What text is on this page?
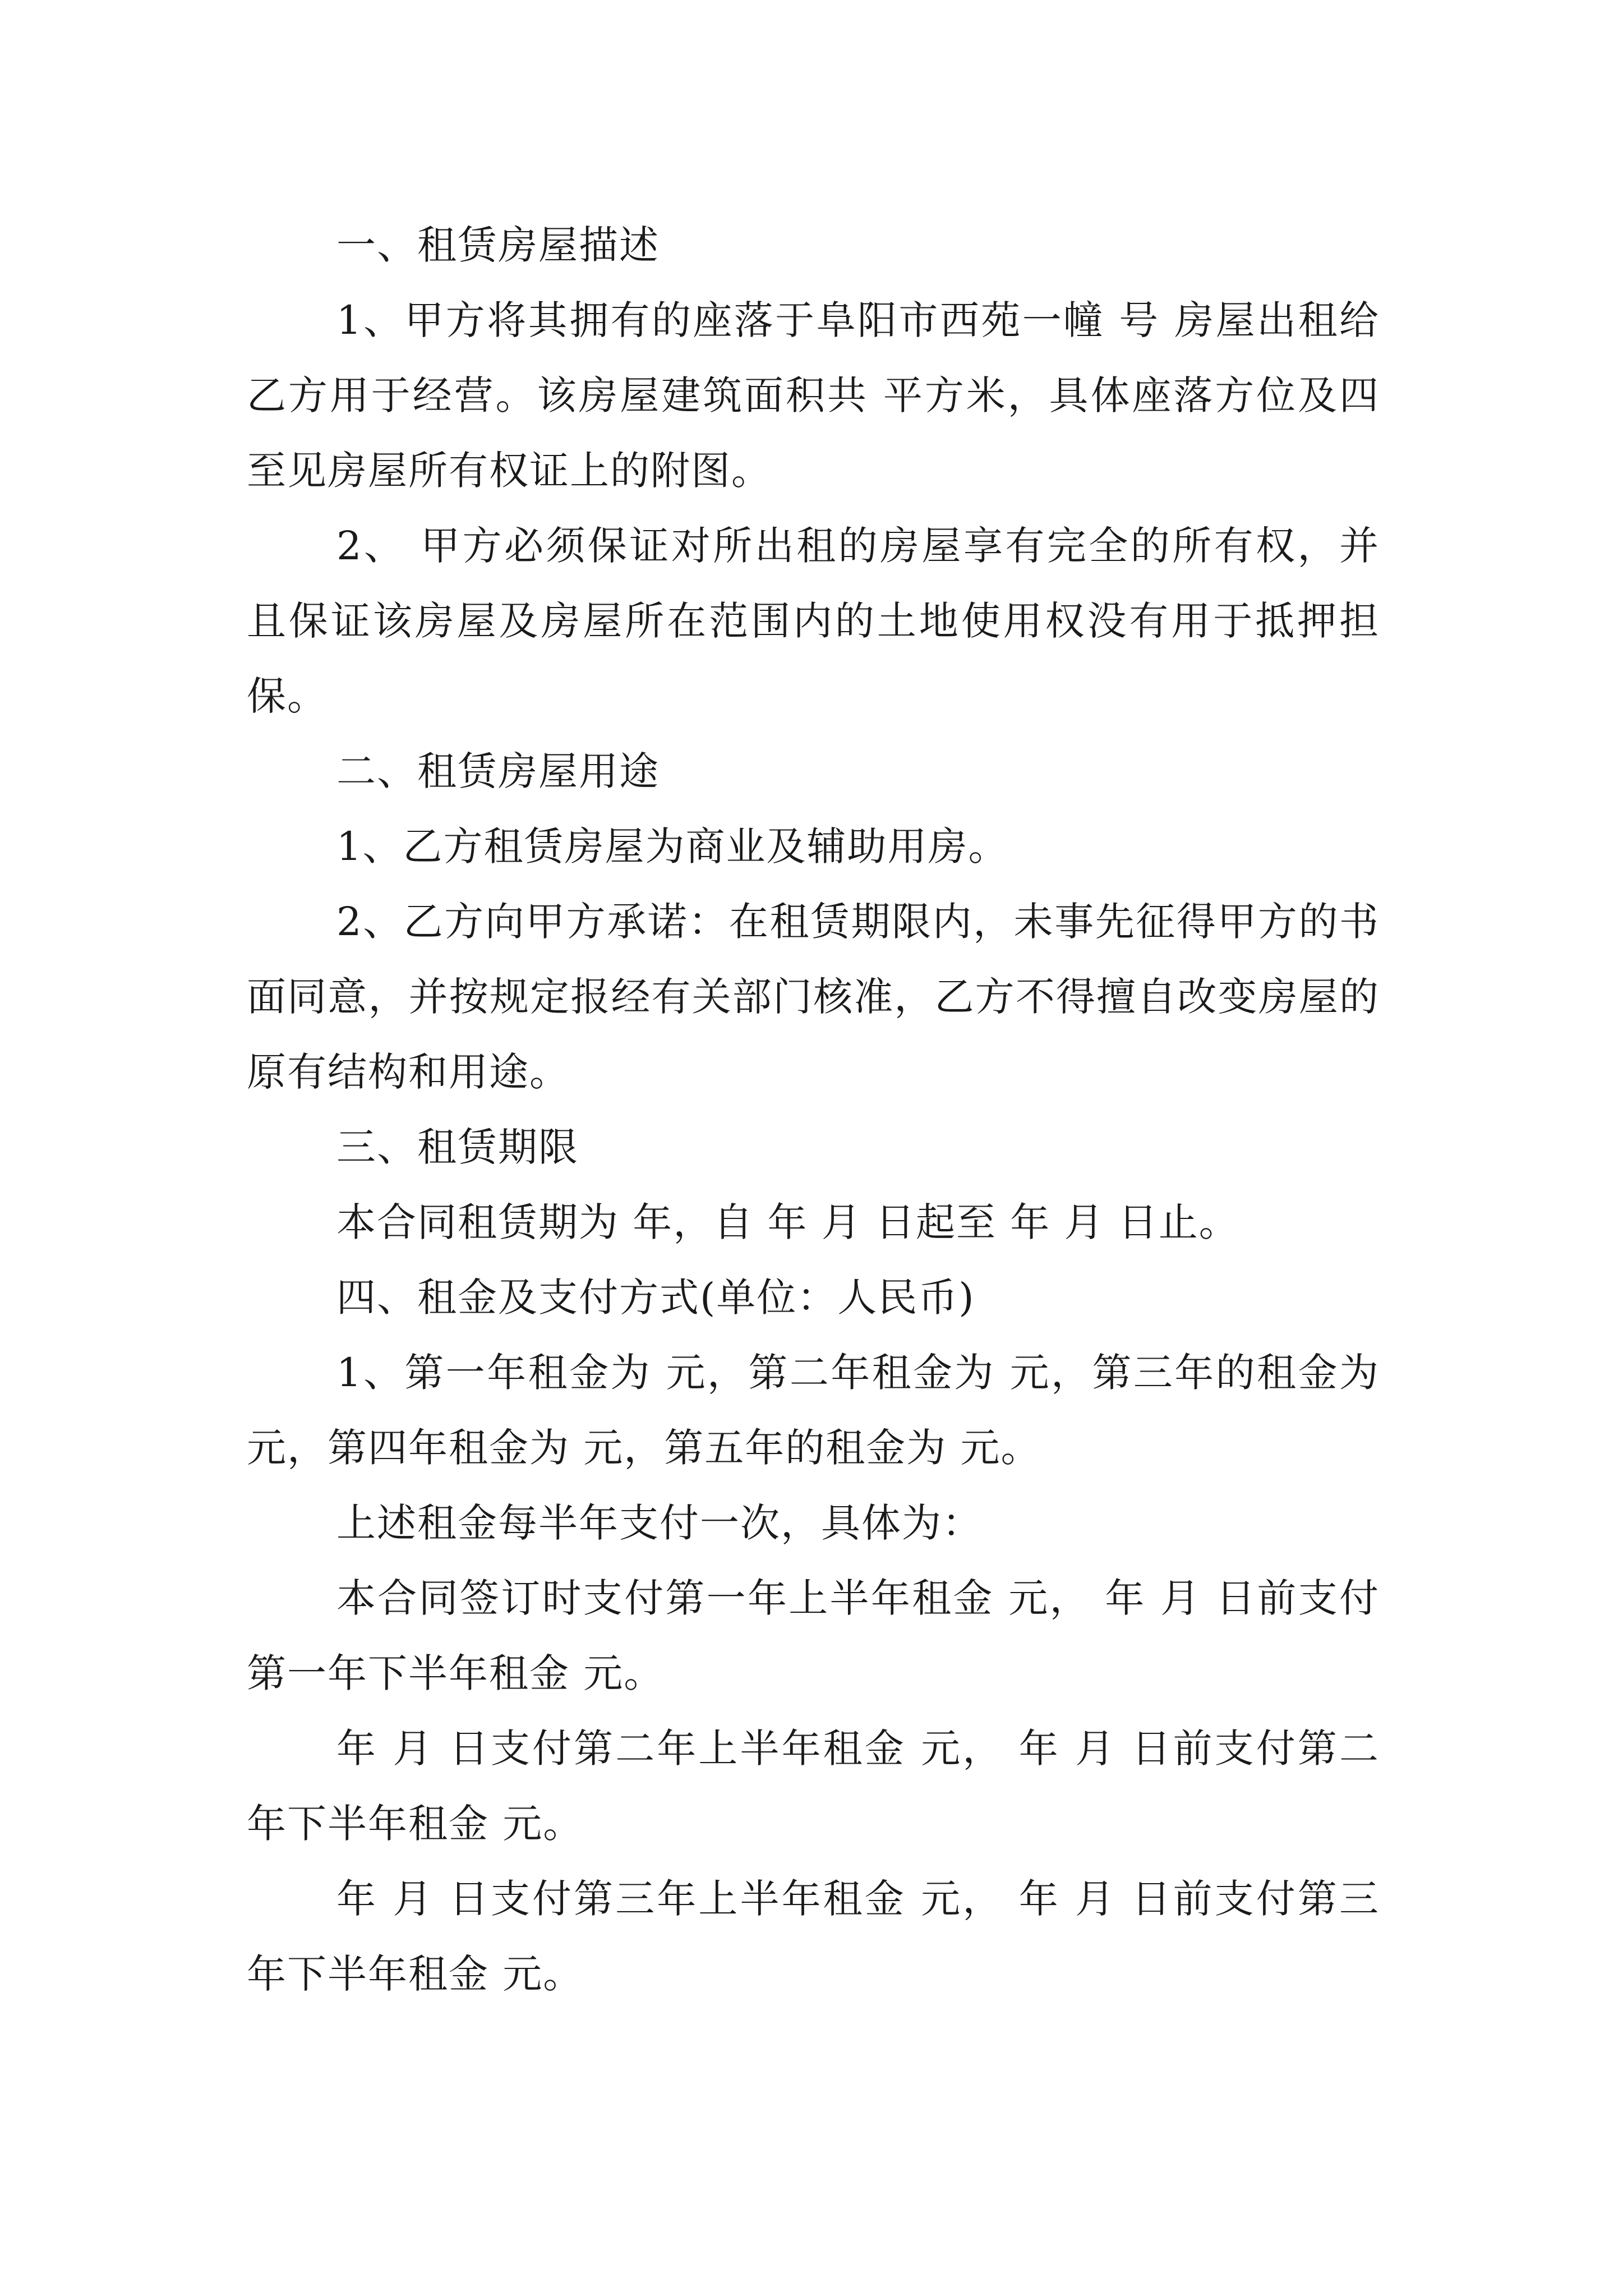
一、租赁房屋描述

1、甲方将其拥有的座落于阜阳市西苑一幢 号 房屋出租给乙方用于经营。该房屋建筑面积共 平方米，具体座落方位及四至见房屋所有权证上的附图。

2、 甲方必须保证对所出租的房屋享有完全的所有权，并且保证该房屋及房屋所在范围内的土地使用权没有用于抵押担保。

二、租赁房屋用途

1、乙方租赁房屋为商业及辅助用房。

2、乙方向甲方承诺：在租赁期限内，未事先征得甲方的书面同意，并按规定报经有关部门核准，乙方不得擅自改变房屋的原有结构和用途。

三、租赁期限

本合同租赁期为 年，自 年 月 日起至 年 月 日止。

四、租金及支付方式(单位：人民币)

1、第一年租金为 元，第二年租金为 元，第三年的租金为 元，第四年租金为 元，第五年的租金为 元。

上述租金每半年支付一次，具体为：

本合同签订时支付第一年上半年租金 元， 年 月 日前支付第一年下半年租金 元。

年 月 日支付第二年上半年租金 元， 年 月 日前支付第二年下半年租金 元。

年 月 日支付第三年上半年租金 元， 年 月 日前支付第三年下半年租金 元。
